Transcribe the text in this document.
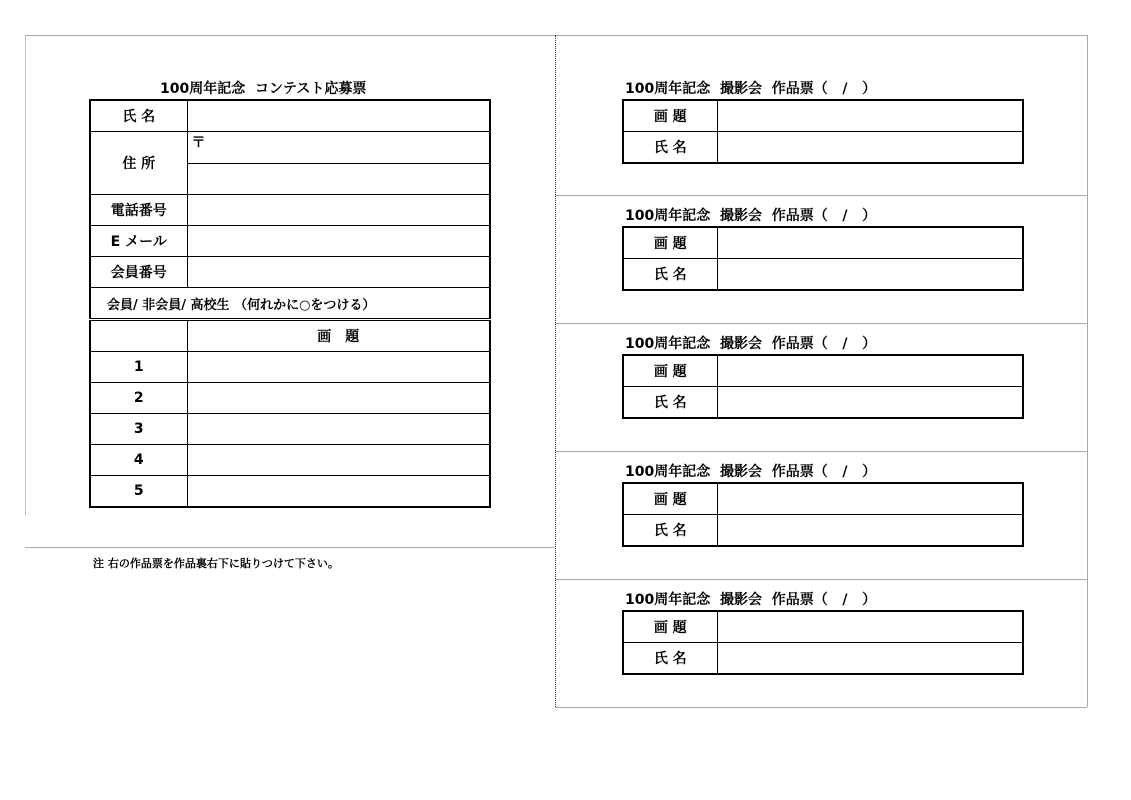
100周年記念  コンテスト応募票
氏 名	
住 所	〒

電話番号	
E メール	
会員番号	
会員/ 非会員/ 高校生 （何れかに○をつける）	
	画　題
1	
2	
3	
4	
5	
注 右の作品票を作品裏右下に貼りつけて下さい。
100周年記念  撮影会  作品票（   /   ）
画 題	
氏 名	
100周年記念  撮影会  作品票（   /   ）
画 題	
氏 名	
100周年記念  撮影会  作品票（   /   ）
画 題	
氏 名	
100周年記念  撮影会  作品票（   /   ）
画 題	
氏 名	
100周年記念  撮影会  作品票（   /   ）
画 題	
氏 名	
